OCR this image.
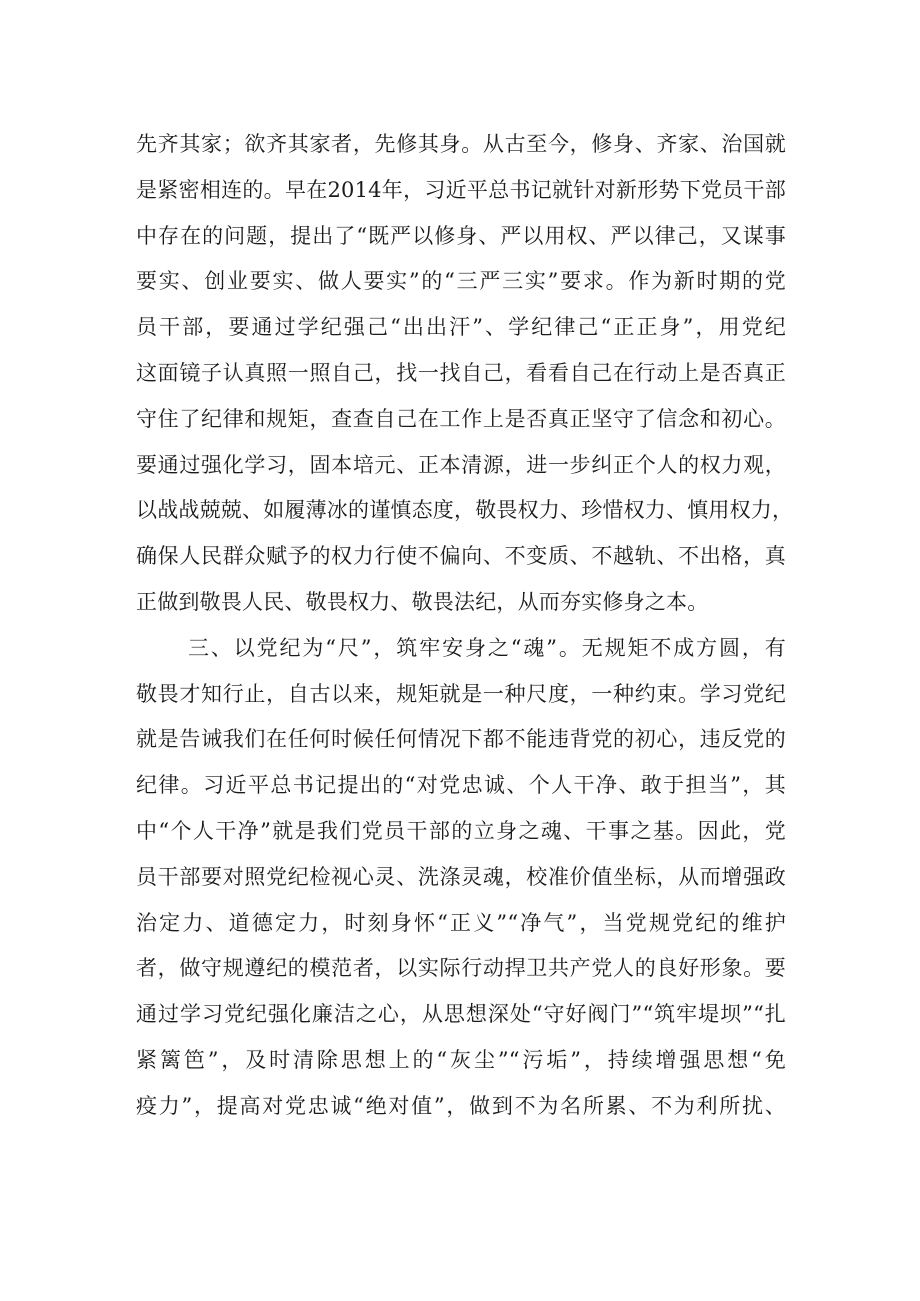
先齐其家；欲齐其家者，先修其身。从古至今，修身、齐家、治国就
是紧密相连的。早在2014年，习近平总书记就针对新形势下党员干部
中存在的问题，提出了“既严以修身、严以用权、严以律己，又谋事
要实、创业要实、做人要实”的“三严三实”要求。作为新时期的党
员干部，要通过学纪强己“出出汗”、学纪律己“正正身”，用党纪
这面镜子认真照一照自己，找一找自己，看看自己在行动上是否真正
守住了纪律和规矩，查查自己在工作上是否真正坚守了信念和初心。
要通过强化学习，固本培元、正本清源，进一步纠正个人的权力观，
以战战兢兢、如履薄冰的谨慎态度，敬畏权力、珍惜权力、慎用权力，
确保人民群众赋予的权力行使不偏向、不变质、不越轨、不出格，真
正做到敬畏人民、敬畏权力、敬畏法纪，从而夯实修身之本。
三、以党纪为“尺”，筑牢安身之“魂”。无规矩不成方圆，有
敬畏才知行止，自古以来，规矩就是一种尺度，一种约束。学习党纪
就是告诫我们在任何时候任何情况下都不能违背党的初心，违反党的
纪律。习近平总书记提出的“对党忠诚、个人干净、敢于担当”，其
中“个人干净”就是我们党员干部的立身之魂、干事之基。因此，党
员干部要对照党纪检视心灵、洗涤灵魂，校准价值坐标，从而增强政
治定力、道德定力，时刻身怀“正义”“净气”，当党规党纪的维护
者，做守规遵纪的模范者，以实际行动捍卫共产党人的良好形象。要
通过学习党纪强化廉洁之心，从思想深处“守好阀门”“筑牢堤坝”“扎
紧篱笆”，及时清除思想上的“灰尘”“污垢”，持续增强思想“免
疫力”，提高对党忠诚“绝对值”，做到不为名所累、不为利所扰、
